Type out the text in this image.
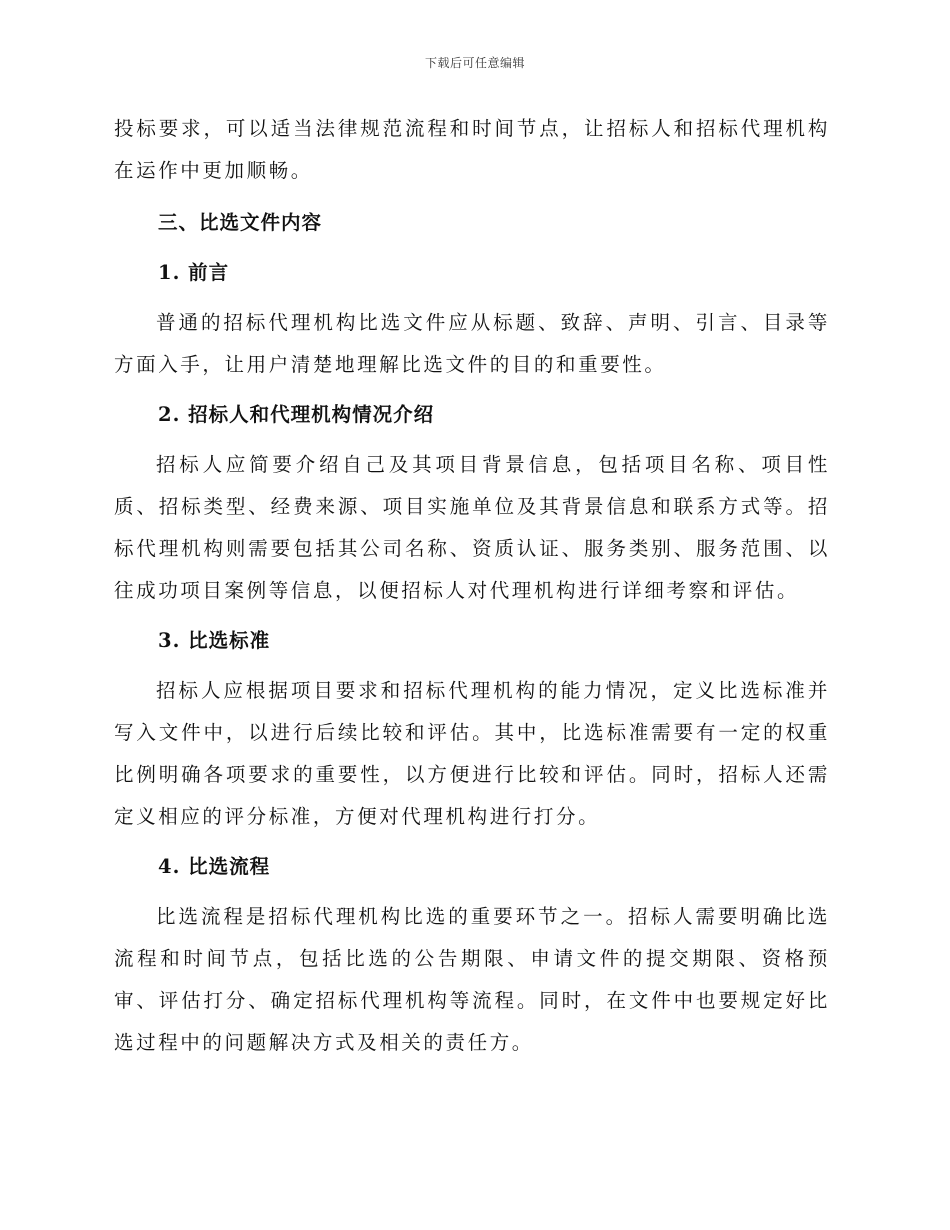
下载后可任意编辑

投标要求，可以适当法律规范流程和时间节点，让招标人和招标代理机构在运作中更加顺畅。

三、比选文件内容
1. 前言

普通的招标代理机构比选文件应从标题、致辞、声明、引言、目录等方面入手，让用户清楚地理解比选文件的目的和重要性。

2. 招标人和代理机构情况介绍

招标人应简要介绍自己及其项目背景信息，包括项目名称、项目性质、招标类型、经费来源、项目实施单位及其背景信息和联系方式等。招标代理机构则需要包括其公司名称、资质认证、服务类别、服务范围、以往成功项目案例等信息，以便招标人对代理机构进行详细考察和评估。

3. 比选标准

招标人应根据项目要求和招标代理机构的能力情况，定义比选标准并写入文件中，以进行后续比较和评估。其中，比选标准需要有一定的权重比例明确各项要求的重要性，以方便进行比较和评估。同时，招标人还需定义相应的评分标准，方便对代理机构进行打分。

4. 比选流程

比选流程是招标代理机构比选的重要环节之一。招标人需要明确比选流程和时间节点，包括比选的公告期限、申请文件的提交期限、资格预审、评估打分、确定招标代理机构等流程。同时，在文件中也要规定好比选过程中的问题解决方式及相关的责任方。
